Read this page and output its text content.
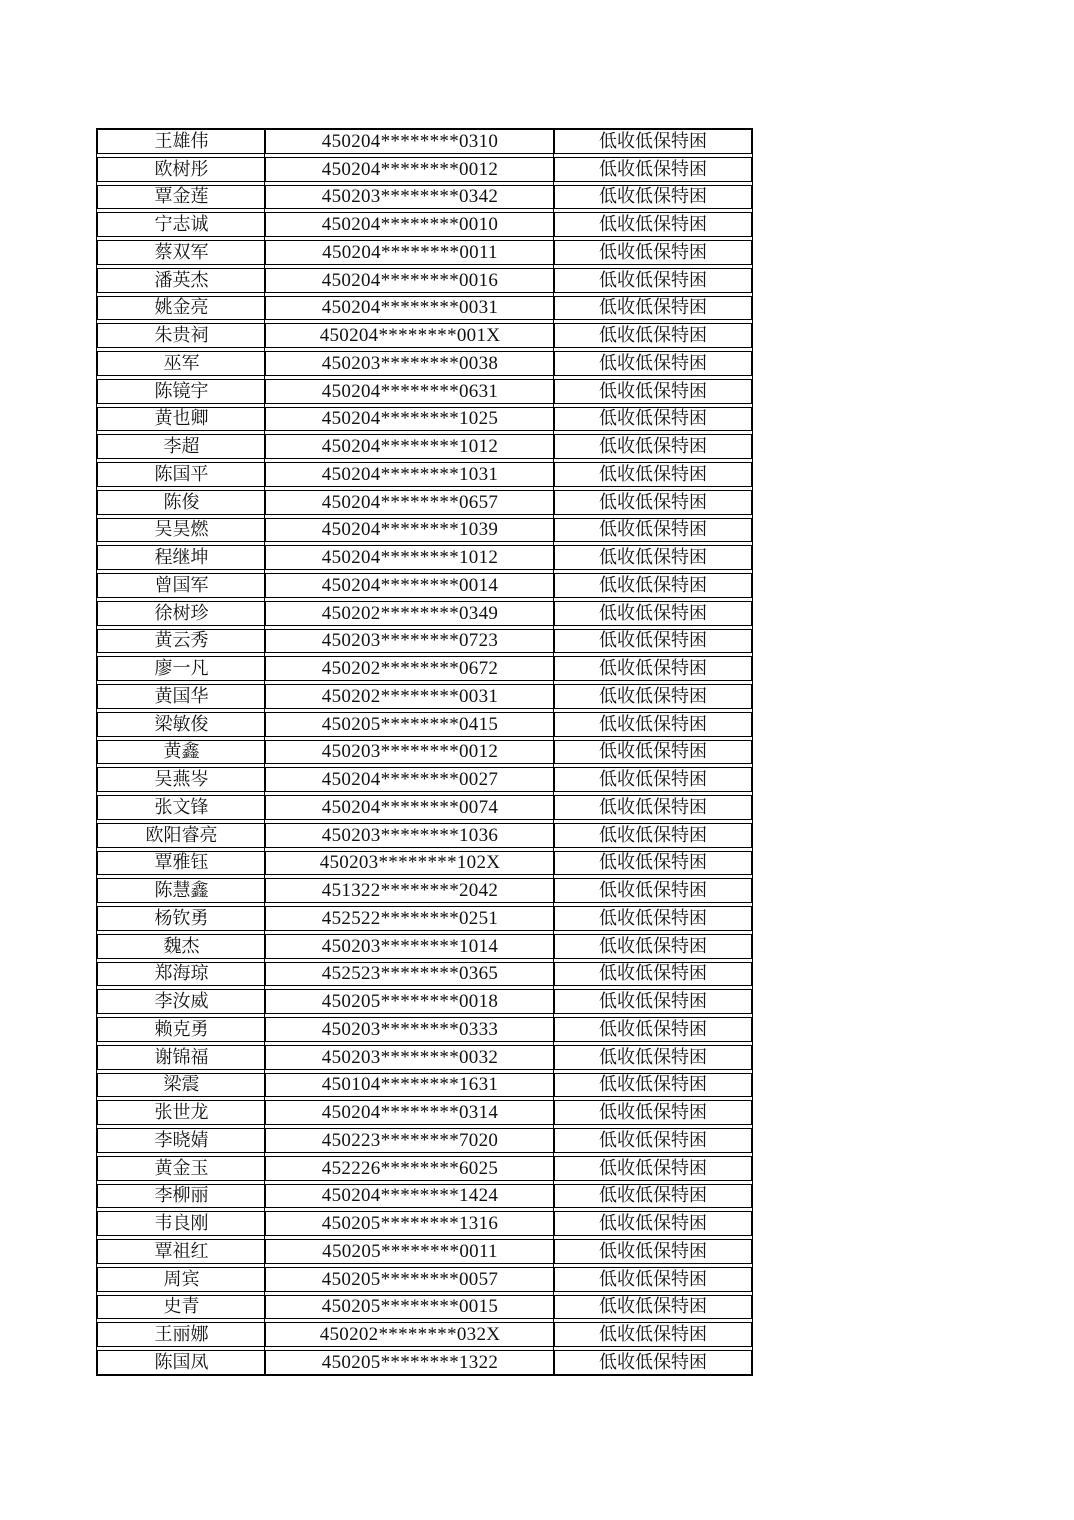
王雄伟	450204********0310	低收低保特困
欧树彤	450204********0012	低收低保特困
覃金莲	450203********0342	低收低保特困
宁志诚	450204********0010	低收低保特困
蔡双军	450204********0011	低收低保特困
潘英杰	450204********0016	低收低保特困
姚金亮	450204********0031	低收低保特困
朱贵祠	450204********001X	低收低保特困
巫军	450203********0038	低收低保特困
陈镜宇	450204********0631	低收低保特困
黄也卿	450204********1025	低收低保特困
李超	450204********1012	低收低保特困
陈国平	450204********1031	低收低保特困
陈俊	450204********0657	低收低保特困
吴昊燃	450204********1039	低收低保特困
程继坤	450204********1012	低收低保特困
曾国军	450204********0014	低收低保特困
徐树珍	450202********0349	低收低保特困
黄云秀	450203********0723	低收低保特困
廖一凡	450202********0672	低收低保特困
黄国华	450202********0031	低收低保特困
梁敏俊	450205********0415	低收低保特困
黄鑫	450203********0012	低收低保特困
吴燕岑	450204********0027	低收低保特困
张文锋	450204********0074	低收低保特困
欧阳睿亮	450203********1036	低收低保特困
覃雅钰	450203********102X	低收低保特困
陈慧鑫	451322********2042	低收低保特困
杨钦勇	452522********0251	低收低保特困
魏杰	450203********1014	低收低保特困
郑海琼	452523********0365	低收低保特困
李汝威	450205********0018	低收低保特困
赖克勇	450203********0333	低收低保特困
谢锦福	450203********0032	低收低保特困
梁震	450104********1631	低收低保特困
张世龙	450204********0314	低收低保特困
李晓婧	450223********7020	低收低保特困
黄金玉	452226********6025	低收低保特困
李柳丽	450204********1424	低收低保特困
韦良刚	450205********1316	低收低保特困
覃祖红	450205********0011	低收低保特困
周宾	450205********0057	低收低保特困
史青	450205********0015	低收低保特困
王丽娜	450202********032X	低收低保特困
陈国凤	450205********1322	低收低保特困
